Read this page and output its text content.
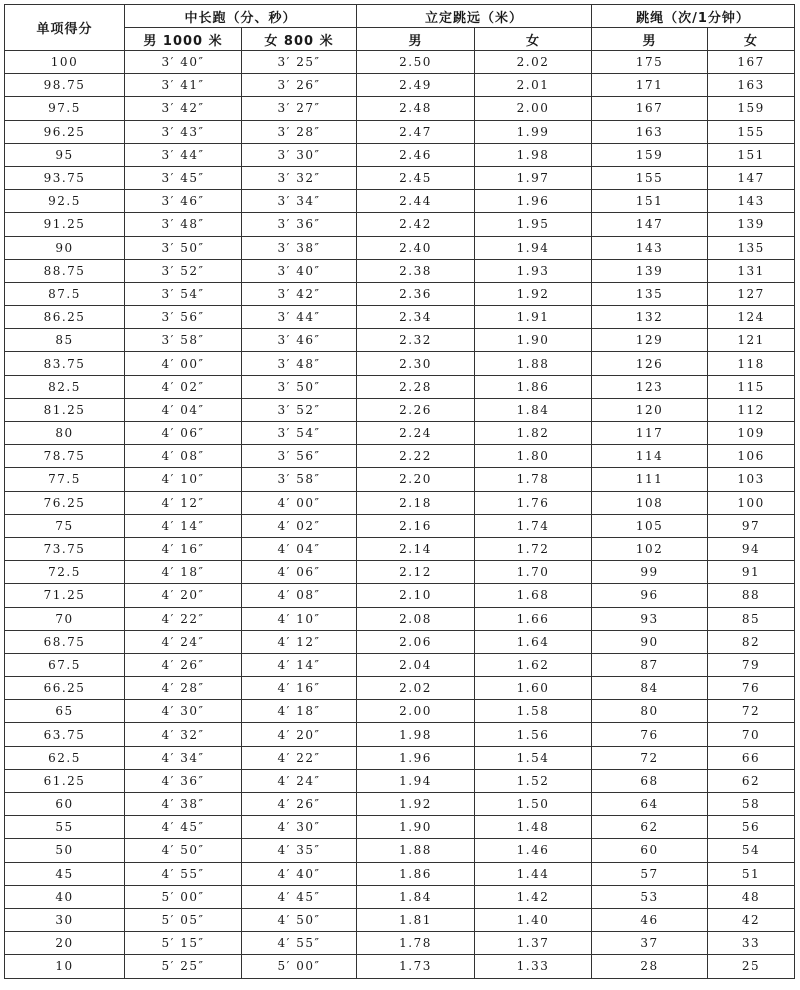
单项得分	中长跑（分、秒）		立定跳远（米）		跳绳（次/1分钟）	
	男 1000 米	女 800 米	男	女	男	女
100	3′ 40″	3′ 25″	2.50	2.02	175	167
98.75	3′ 41″	3′ 26″	2.49	2.01	171	163
97.5	3′ 42″	3′ 27″	2.48	2.00	167	159
96.25	3′ 43″	3′ 28″	2.47	1.99	163	155
95	3′ 44″	3′ 30″	2.46	1.98	159	151
93.75	3′ 45″	3′ 32″	2.45	1.97	155	147
92.5	3′ 46″	3′ 34″	2.44	1.96	151	143
91.25	3′ 48″	3′ 36″	2.42	1.95	147	139
90	3′ 50″	3′ 38″	2.40	1.94	143	135
88.75	3′ 52″	3′ 40″	2.38	1.93	139	131
87.5	3′ 54″	3′ 42″	2.36	1.92	135	127
86.25	3′ 56″	3′ 44″	2.34	1.91	132	124
85	3′ 58″	3′ 46″	2.32	1.90	129	121
83.75	4′ 00″	3′ 48″	2.30	1.88	126	118
82.5	4′ 02″	3′ 50″	2.28	1.86	123	115
81.25	4′ 04″	3′ 52″	2.26	1.84	120	112
80	4′ 06″	3′ 54″	2.24	1.82	117	109
78.75	4′ 08″	3′ 56″	2.22	1.80	114	106
77.5	4′ 10″	3′ 58″	2.20	1.78	111	103
76.25	4′ 12″	4′ 00″	2.18	1.76	108	100
75	4′ 14″	4′ 02″	2.16	1.74	105	97
73.75	4′ 16″	4′ 04″	2.14	1.72	102	94
72.5	4′ 18″	4′ 06″	2.12	1.70	99	91
71.25	4′ 20″	4′ 08″	2.10	1.68	96	88
70	4′ 22″	4′ 10″	2.08	1.66	93	85
68.75	4′ 24″	4′ 12″	2.06	1.64	90	82
67.5	4′ 26″	4′ 14″	2.04	1.62	87	79
66.25	4′ 28″	4′ 16″	2.02	1.60	84	76
65	4′ 30″	4′ 18″	2.00	1.58	80	72
63.75	4′ 32″	4′ 20″	1.98	1.56	76	70
62.5	4′ 34″	4′ 22″	1.96	1.54	72	66
61.25	4′ 36″	4′ 24″	1.94	1.52	68	62
60	4′ 38″	4′ 26″	1.92	1.50	64	58
55	4′ 45″	4′ 30″	1.90	1.48	62	56
50	4′ 50″	4′ 35″	1.88	1.46	60	54
45	4′ 55″	4′ 40″	1.86	1.44	57	51
40	5′ 00″	4′ 45″	1.84	1.42	53	48
30	5′ 05″	4′ 50″	1.81	1.40	46	42
20	5′ 15″	4′ 55″	1.78	1.37	37	33
10	5′ 25″	5′ 00″	1.73	1.33	28	25
